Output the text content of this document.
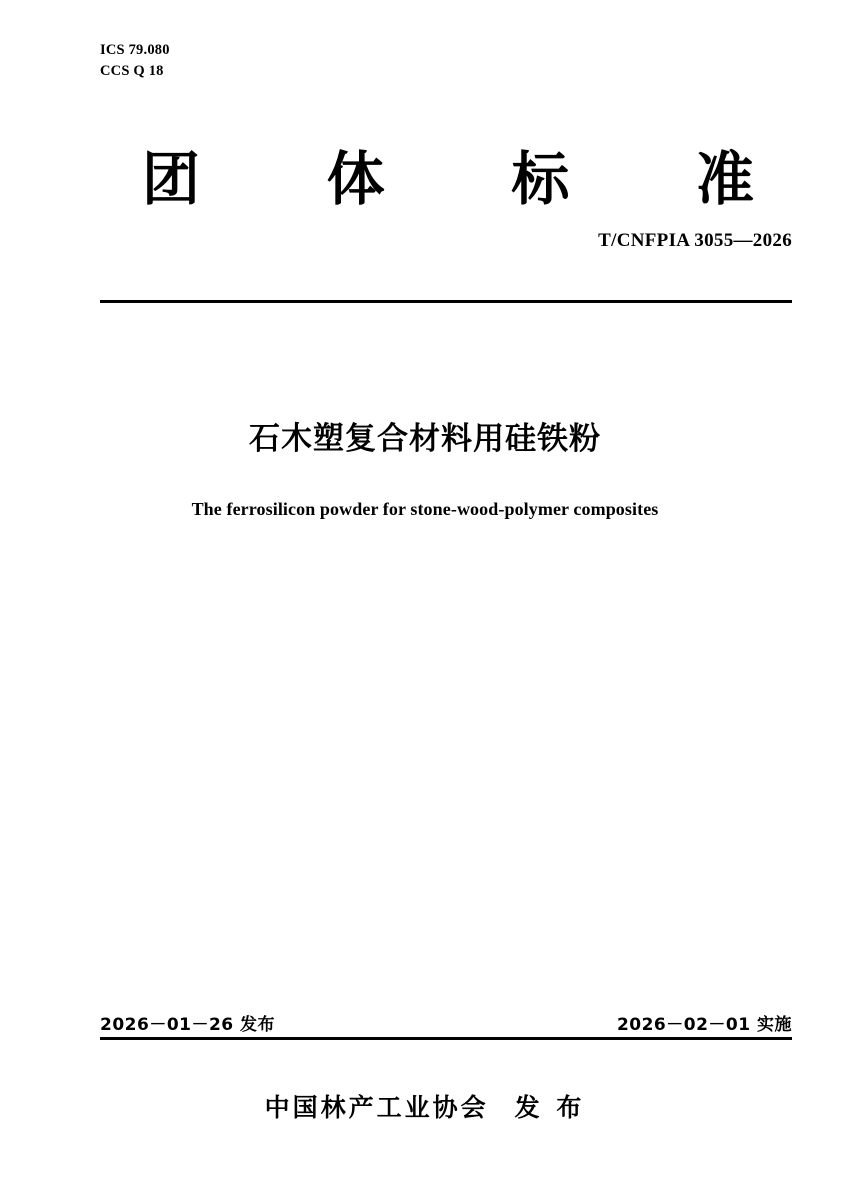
ICS 79.080
CCS Q 18
团 体 标 准
T/CNFPIA 3055—2026
石木塑复合材料用硅铁粉
The ferrosilicon powder for stone-wood-polymer composites
2026－01－26 发布	2026－02－01 实施
中国林产工业协会 发 布
